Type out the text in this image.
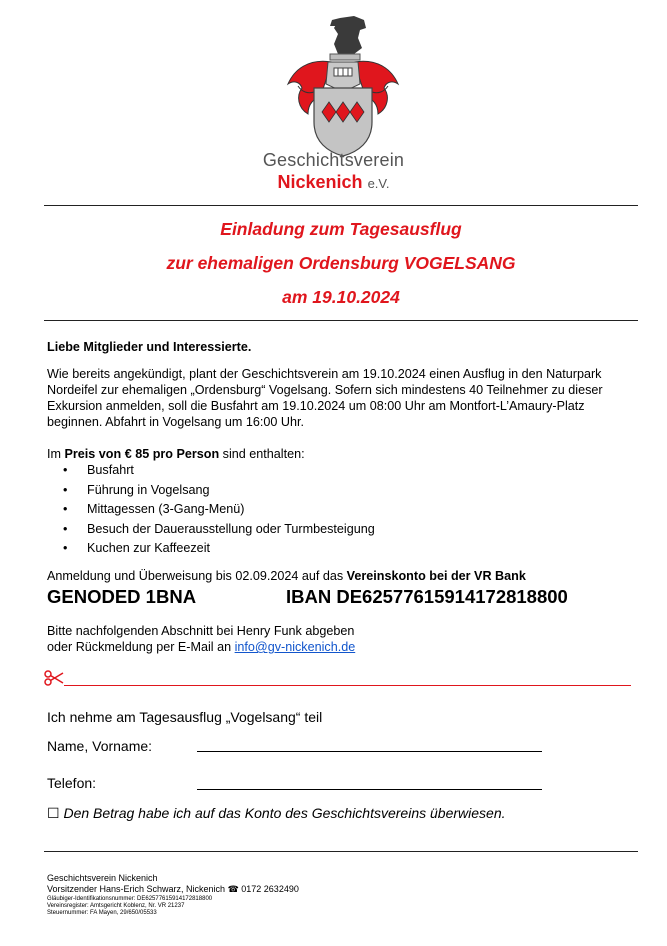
Geschichtsverein
Nickenich e.V.
Einladung zum Tagesausflug
zur ehemaligen Ordensburg VOGELSANG
am 19.10.2024
Liebe Mitglieder und Interessierte.
Wie bereits angekündigt, plant der Geschichtsverein am 19.10.2024 einen Ausflug in den Naturpark Nordeifel zur ehemaligen „Ordensburg“ Vogelsang. Sofern sich mindestens 40 Teilnehmer zu dieser Exkursion anmelden, soll die Busfahrt am 19.10.2024 um 08:00 Uhr am Montfort-L’Amaury-Platz beginnen. Abfahrt in Vogelsang um 16:00 Uhr.
Im Preis von € 85 pro Person sind enthalten:
• Busfahrt
• Führung in Vogelsang
• Mittagessen (3-Gang-Menü)
• Besuch der Dauerausstellung oder Turmbesteigung
• Kuchen zur Kaffeezeit
Anmeldung und Überweisung bis 02.09.2024 auf das Vereinskonto bei der VR Bank
GENODED 1BNA	IBAN DE62577615914172818800
Bitte nachfolgenden Abschnitt bei Henry Funk abgeben
oder Rückmeldung per E-Mail an info@gv-nickenich.de
Ich nehme am Tagesausflug „Vogelsang“ teil
Name, Vorname:
Telefon:
☐ Den Betrag habe ich auf das Konto des Geschichtsvereins überwiesen.
Geschichtsverein Nickenich
Vorsitzender Hans-Erich Schwarz, Nickenich ☎ 0172 2632490
Gläubiger-Identifikationsnummer: DE62577615914172818800
Vereinsregister: Amtsgericht Koblenz, Nr. VR 21237
Steuernummer: FA Mayen, 29/650/05533
